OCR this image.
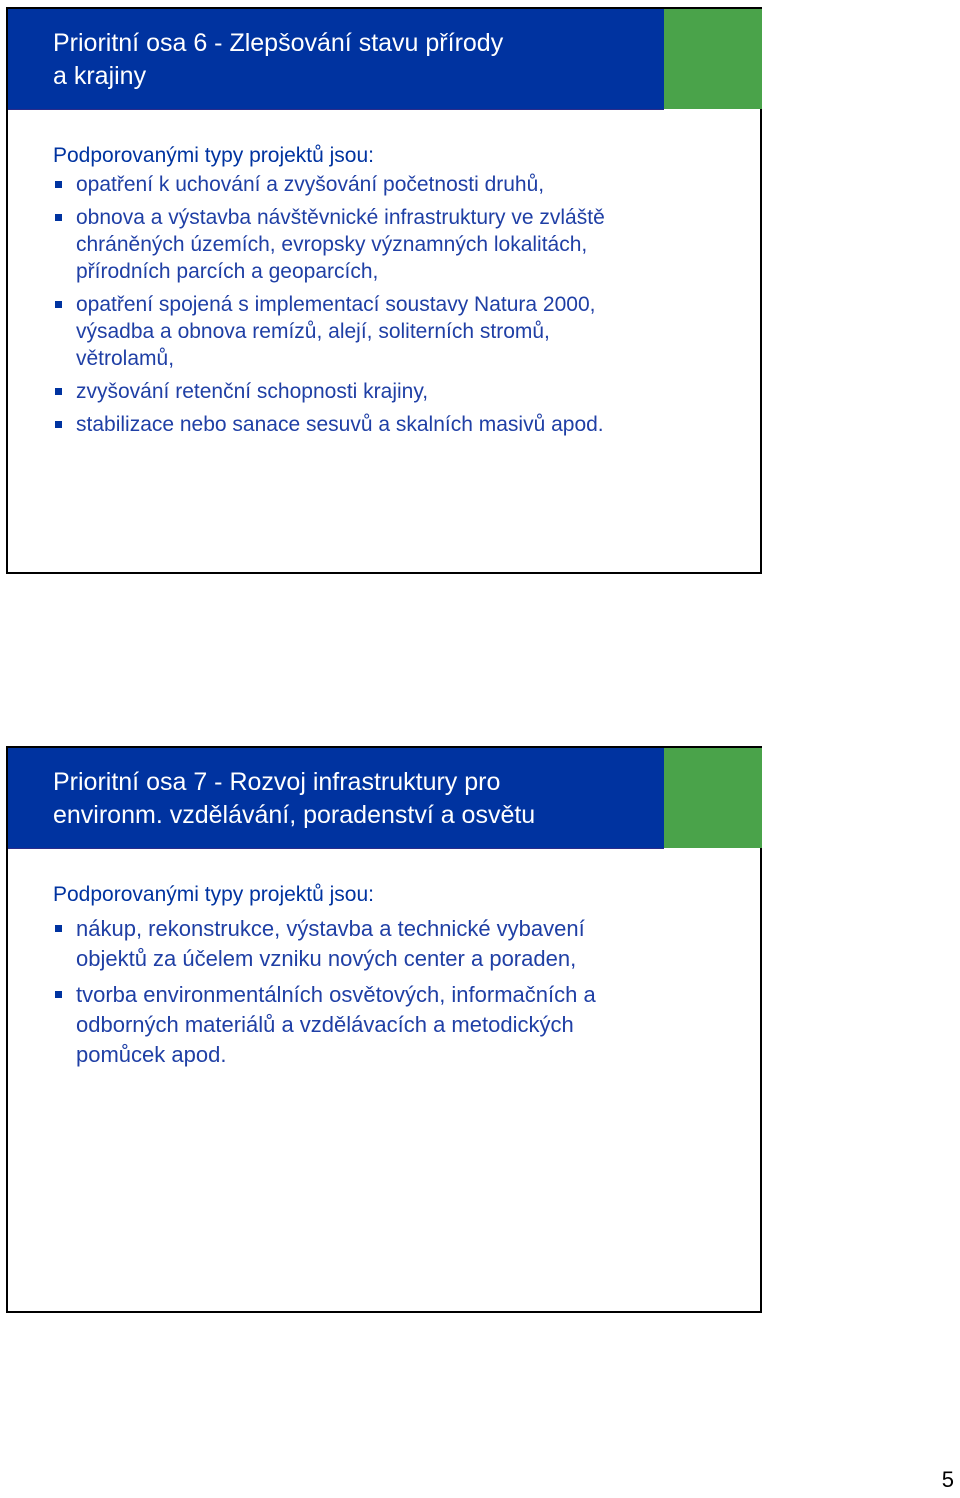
Prioritní osa 6 - Zlepšování stavu přírody
a krajiny
Podporovanými typy projektů jsou:
opatření k uchování a zvyšování početnosti druhů,
obnova a výstavba návštěvnické infrastruktury ve zvláště
chráněných územích, evropsky významných lokalitách,
přírodních parcích a geoparcích,
opatření spojená s implementací soustavy Natura 2000,
výsadba a obnova remízů, alejí, soliterních stromů,
větrolamů,
zvyšování retenční schopnosti krajiny,
stabilizace nebo sanace sesuvů a skalních masivů apod.
Prioritní osa 7 - Rozvoj infrastruktury pro
environm. vzdělávání, poradenství a osvětu
Podporovanými typy projektů jsou:
nákup, rekonstrukce, výstavba a technické vybavení
objektů za účelem vzniku nových center a poraden,
tvorba environmentálních osvětových, informačních a
odborných materiálů a vzdělávacích a metodických
pomůcek apod.
5
